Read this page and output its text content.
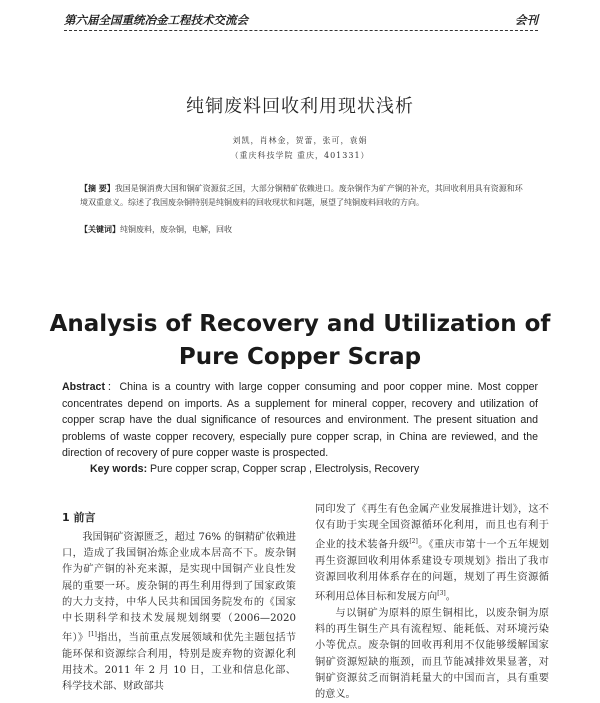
第六届全国重统冶金工程技术交流会	会刊
纯铜废料回收利用现状浅析
刘凯，肖林金，贺蕾，张可，袁娟
（重庆科技学院 重庆，401331）
【摘 要】我国是铜消费大国和铜矿资源贫乏国，大部分铜精矿依赖进口。废杂铜作为矿产铜的补充，其回收利用具有资源和环境双重意义。综述了我国废杂铜特别是纯铜废料的回收现状和问题，展望了纯铜废料回收的方向。
【关键词】纯铜废料，废杂铜，电解，回收
Analysis of Recovery and Utilization of Pure Copper Scrap
Abstract：China is a country with large copper consuming and poor copper mine. Most copper concentrates depend on imports. As a supplement for mineral copper, recovery and utilization of copper scrap have the dual significance of resources and environment. The present situation and problems of waste copper recovery, especially pure copper scrap, in China are reviewed, and the direction of recovery of pure copper waste is prospected.
Key words: Pure copper scrap, Copper scrap , Electrolysis, Recovery
1 前言

我国铜矿资源匮乏，超过 76% 的铜精矿依赖进口，造成了我国铜冶炼企业成本居高不下。废杂铜作为矿产铜的补充来源，是实现中国铜产业良性发展的重要一环。废杂铜的再生利用得到了国家政策的大力支持，中华人民共和国国务院发布的《国家中长期科学和技术发展规划纲要（2006—2020 年）》[1]指出，当前重点发展领域和优先主题包括节能环保和资源综合利用，特别是废弃物的资源化利用技术。2011 年 2 月 10 日，工业和信息化部、科学技术部、财政部共

同印发了《再生有色金属产业发展推进计划》，这不仅有助于实现全国资源循环化利用，而且也有利于企业的技术装备升级[2]。《重庆市第十一个五年规划再生资源回收利用体系建设专项规划》指出了我市资源回收利用体系存在的问题，规划了再生资源循环利用总体目标和发展方向[3]。

与以铜矿为原料的原生铜相比，以废杂铜为原料的再生铜生产具有流程短、能耗低、对环境污染小等优点。废杂铜的回收再利用不仅能够缓解国家铜矿资源短缺的瓶颈，而且节能减排效果显著，对铜矿资源贫乏而铜消耗量大的中国而言，具有重要的意义。
